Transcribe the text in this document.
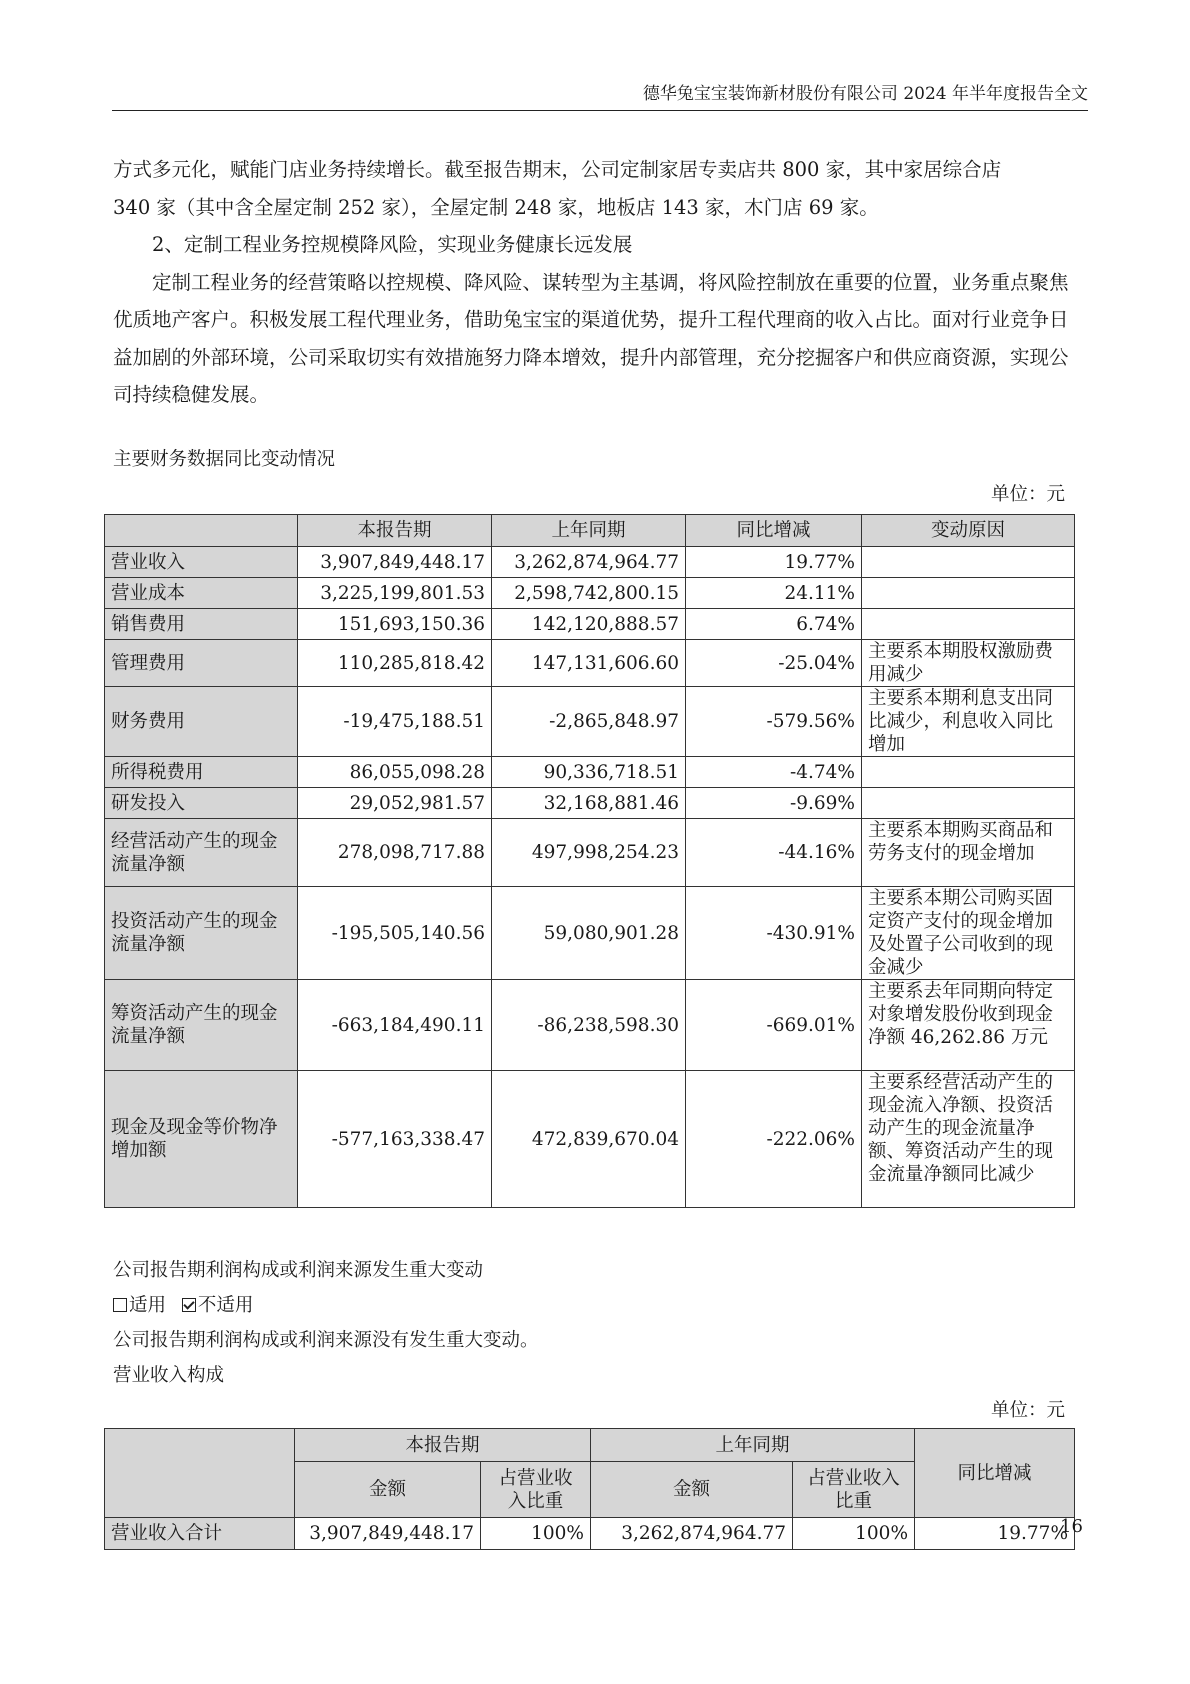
德华兔宝宝装饰新材股份有限公司 2024 年半年度报告全文

方式多元化，赋能门店业务持续增长。截至报告期末，公司定制家居专卖店共 800 家，其中家居综合店

340 家（其中含全屋定制 252 家），全屋定制 248 家，地板店 143 家，木门店 69 家。

2、定制工程业务控规模降风险，实现业务健康长远发展

定制工程业务的经营策略以控规模、降风险、谋转型为主基调，将风险控制放在重要的位置，业务重点聚焦优质地产客户。积极发展工程代理业务，借助兔宝宝的渠道优势，提升工程代理商的收入占比。面对行业竞争日益加剧的外部环境，公司采取切实有效措施努力降本增效，提升内部管理，充分挖掘客户和供应商资源，实现公司持续稳健发展。

主要财务数据同比变动情况
单位：元
	本报告期	上年同期	同比增减	变动原因
营业收入	3,907,849,448.17	3,262,874,964.77	19.77%	
营业成本	3,225,199,801.53	2,598,742,800.15	24.11%	
销售费用	151,693,150.36	142,120,888.57	6.74%	
管理费用	110,285,818.42	147,131,606.60	-25.04%	主要系本期股权激励费用减少
财务费用	-19,475,188.51	-2,865,848.97	-579.56%	主要系本期利息支出同比减少，利息收入同比增加
所得税费用	86,055,098.28	90,336,718.51	-4.74%	
研发投入	29,052,981.57	32,168,881.46	-9.69%	
经营活动产生的现金流量净额	278,098,717.88	497,998,254.23	-44.16%	主要系本期购买商品和劳务支付的现金增加
投资活动产生的现金流量净额	-195,505,140.56	59,080,901.28	-430.91%	主要系本期公司购买固定资产支付的现金增加及处置子公司收到的现金减少
筹资活动产生的现金流量净额	-663,184,490.11	-86,238,598.30	-669.01%	主要系去年同期向特定对象增发股份收到现金净额 46,262.86 万元
现金及现金等价物净增加额	-577,163,338.47	472,839,670.04	-222.06%	主要系经营活动产生的现金流入净额、投资活动产生的现金流量净额、筹资活动产生的现金流量净额同比减少
公司报告期利润构成或利润来源发生重大变动
适用 不适用
公司报告期利润构成或利润来源没有发生重大变动。
营业收入构成
单位：元
	本报告期		上年同期		同比增减
	金额	占营业收入比重	金额	占营业收入比重	
营业收入合计	3,907,849,448.17	100%	3,262,874,964.77	100%	19.77%
16
